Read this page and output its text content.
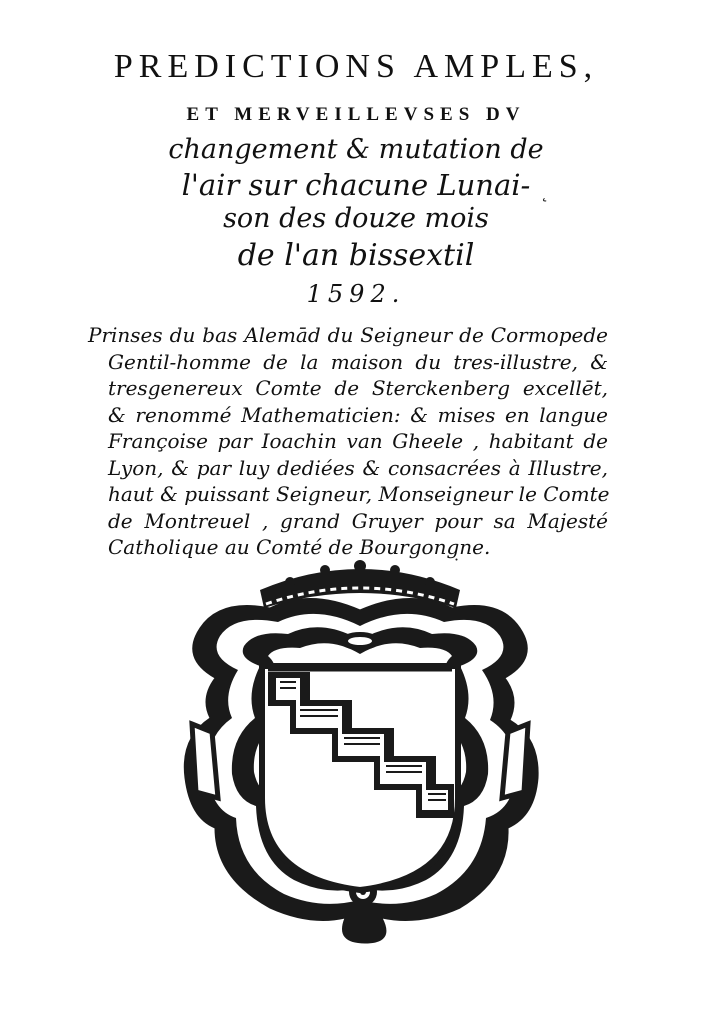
PREDICTIONS AMPLES,
ET MERVEILLEVSES DV
changement & mutation de
l'air sur chacune Lunai-
son des douze mois
de l'an bissextil
1592.
Prinses du bas Alemād du Seigneur de Cormopede
Gentil-homme de la maison du tres-illustre, &
tresgenereux Comte de Sterckenberg excellēt,
& renommé Mathematicien: & mises en langue
Françoise par Ioachin van Gheele , habitant de
Lyon, & par luy dediées & consacrées à Illustre,
haut & puissant Seigneur, Monseigneur le Comte
de Montreuel , grand Gruyer pour sa Majesté
Catholique au Comté de Bourgongne.
˙
˛
